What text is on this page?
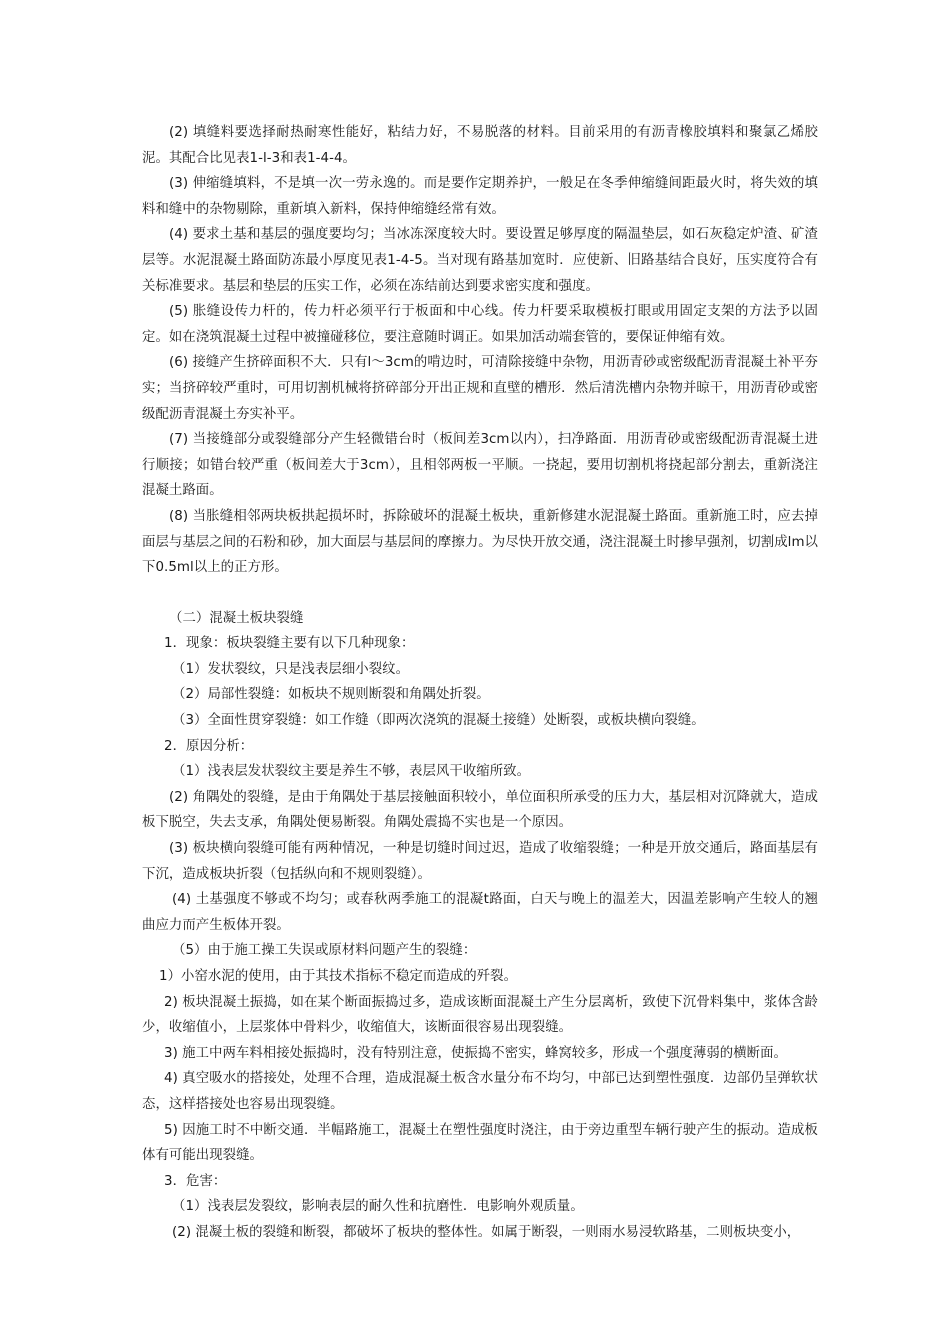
(2) 填缝料要选择耐热耐寒性能好，粘结力好，不易脱落的材料。目前采用的有沥青橡胶填料和聚氯乙烯胶泥。其配合比见表1-l-3和表1-4-4。

(3) 伸缩缝填料，不是填一次一劳永逸的。而是要作定期养护，一般足在冬季伸缩缝间距最火时，将失效的填料和缝中的杂物剔除，重新填入新料，保持伸缩缝经常有效。

(4) 要求土基和基层的强度要均匀；当冰冻深度较大时。要设置足够厚度的隔温垫层，如石灰稳定炉渣、矿渣层等。水泥混凝土路面防冻最小厚度见表1-4-5。当对现有路基加宽时．应使新、旧路基结合良好，压实度符合有关标准要求。基层和垫层的压实工作，必须在冻结前达到要求密实度和强度。

(5) 胀缝设传力杆的，传力杆必须平行于板面和中心线。传力杆要采取模板打眼或用固定支架的方法予以固定。如在浇筑混凝土过程中被撞碰移位，要注意随时调正。如果加活动端套管的，要保证伸缩有效。

(6) 接缝产生挤碎面积不大．只有l～3cm的啃边时，可清除接缝中杂物，用沥青砂或密级配沥青混凝土补平夯实；当挤碎较严重时，可用切割机械将挤碎部分开出正规和直壁的槽形．然后清洗槽内杂物并晾干，用沥青砂或密级配沥青混凝土夯实补平。

(7) 当接缝部分或裂缝部分产生轻微错台时（板间差3cm以内），扫净路面．用沥青砂或密级配沥青混凝土进行顺接；如错台较严重（板间差大于3cm），且相邻两板一平顺。一挠起，要用切割机将挠起部分割去，重新浇注混凝土路面。

(8) 当胀缝相邻两块板拱起损坏时，拆除破坏的混凝土板块，重新修建水泥混凝土路面。重新施工时，应去掉面层与基层之间的石粉和砂，加大面层与基层间的摩擦力。为尽快开放交通，浇注混凝土时掺早强剂，切割成lm以下0.5ml以上的正方形。

（二）混凝土板块裂缝

1．现象：板块裂缝主要有以下几种现象：

（1）发状裂纹，只是浅表层细小裂纹。

（2）局部性裂缝：如板块不规则断裂和角隅处折裂。

（3）全面性贯穿裂缝：如工作缝（即两次浇筑的混凝土接缝）处断裂，或板块横向裂缝。

2．原因分析：

（1）浅表层发状裂纹主要是养生不够，表层风干收缩所致。

(2) 角隅处的裂缝，是由于角隅处于基层接触面积较小，单位面积所承受的压力大，基层相对沉降就大，造成板下脱空，失去支承，角隅处便易断裂。角隅处震捣不实也是一个原因。

(3) 板块横向裂缝可能有两种情况，一种是切缝时间过迟，造成了收缩裂缝；一种是开放交通后，路面基层有下沉，造成板块折裂（包括纵向和不规则裂缝）。

(4) 土基强度不够或不均匀；或春秋两季施工的混凝t路面，白天与晚上的温差大，因温差影响产生较人的翘曲应力而产生板体开裂。

（5）由于施工操工失误或原材料问题产生的裂缝：

1）小窑水泥的使用，由于其技术指标不稳定而造成的歼裂。

2) 板块混凝土振捣，如在某个断面振捣过多，造成该断面混凝土产生分层离析，致使下沉骨料集中，浆体含龄少，收缩值小，上层浆体中骨料少，收缩值大，该断面很容易出现裂缝。

3) 施工中两车料相接处振捣时，没有特别注意，使振捣不密实，蜂窝较多，形成一个强度薄弱的横断面。

4) 真空吸水的搭接处，处理不合理，造成混凝土板含水量分布不均匀，中部已达到塑性强度．边部仍呈弹软状态，这样搭接处也容易出现裂缝。

5) 因施工时不中断交通．半幅路施工，混凝土在塑性强度时浇注，由于旁边重型车辆行驶产生的振动。造成板体有可能出现裂缝。

3．危害：

（1）浅表层发裂纹，影响表层的耐久性和抗磨性．电影响外观质量。

(2) 混凝土板的裂缝和断裂，都破坏了板块的整体性。如属于断裂，一则雨水易浸软路基，二则板块变小，
